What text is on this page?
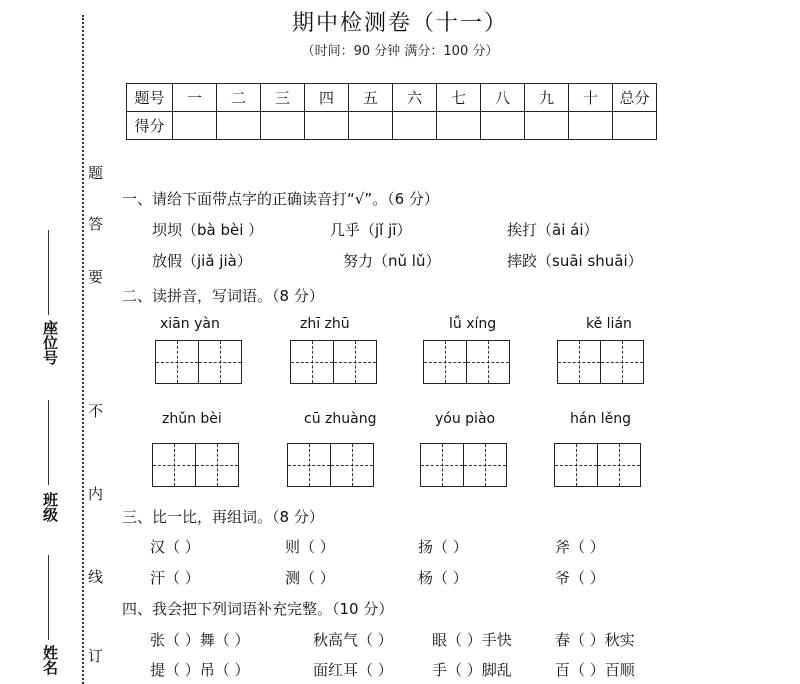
期中检测卷（十一）
（时间：90 分钟 满分：100 分）
座位号
班级
姓名
题
答
要
不
内
线
订
题号	一	二	三	四	五	六	七	八	九	十	总分
得分											
一、请给下面带点字的正确读音打“√”。（6 分）
坝坝（bà bèi ）	几乎（jǐ jī）	挨打（āi ái）
放假（jiǎ jià）	努力（nǔ lǔ）	摔跤（suāi shuāi）
二、读拼音，写词语。（8 分）
xiān yàn	zhī zhū	lǚ xíng	kě lián
zhǔn bèi	cū zhuàng	yóu piào	hán lěng
三、比一比，再组词。（8 分）
汉（ ）	则（ ）	扬（ ）	斧（ ）
汗（ ）	测（ ）	杨（ ）	爷（ ）
四、我会把下列词语补充完整。（10 分）
张（ ）舞（ ）	秋高气（ ）	眼（ ）手快	春（ ）秋实
提（ ）吊（ ）	面红耳（ ）	手（ ）脚乱	百（ ）百顺
